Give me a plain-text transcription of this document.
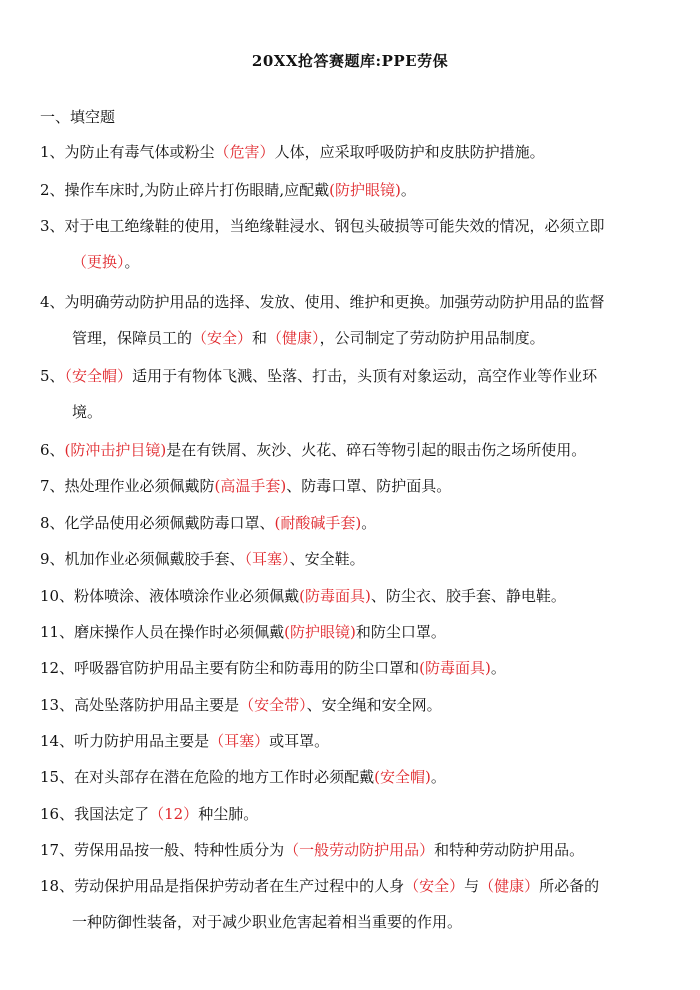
20XX抢答赛题库:PPE劳保
一、填空题
1、为防止有毒气体或粉尘（危害）人体，应采取呼吸防护和皮肤防护措施。
2、操作车床时,为防止碎片打伤眼睛,应配戴(防护眼镜)。
3、对于电工绝缘鞋的使用，当绝缘鞋浸水、钢包头破损等可能失效的情况，必须立即
（更换）。
4、为明确劳动防护用品的选择、发放、使用、维护和更换。加强劳动防护用品的监督
管理，保障员工的（安全）和（健康），公司制定了劳动防护用品制度。
5、（安全帽）适用于有物体飞溅、坠落、打击，头顶有对象运动，高空作业等作业环
境。
6、(防冲击护目镜)是在有铁屑、灰沙、火花、碎石等物引起的眼击伤之场所使用。
7、热处理作业必须佩戴防(高温手套)、防毒口罩、防护面具。
8、化学品使用必须佩戴防毒口罩、(耐酸碱手套)。
9、机加作业必须佩戴胶手套、（耳塞）、安全鞋。
10、粉体喷涂、液体喷涂作业必须佩戴(防毒面具)、防尘衣、胶手套、静电鞋。
11、磨床操作人员在操作时必须佩戴(防护眼镜)和防尘口罩。
12、呼吸器官防护用品主要有防尘和防毒用的防尘口罩和(防毒面具)。
13、高处坠落防护用品主要是（安全带）、安全绳和安全网。
14、听力防护用品主要是（耳塞）或耳罩。
15、在对头部存在潜在危险的地方工作时必须配戴(安全帽)。
16、我国法定了（12）种尘肺。
17、劳保用品按一般、特种性质分为（一般劳动防护用品）和特种劳动防护用品。
18、劳动保护用品是指保护劳动者在生产过程中的人身（安全）与（健康）所必备的
一种防御性装备，对于减少职业危害起着相当重要的作用。
